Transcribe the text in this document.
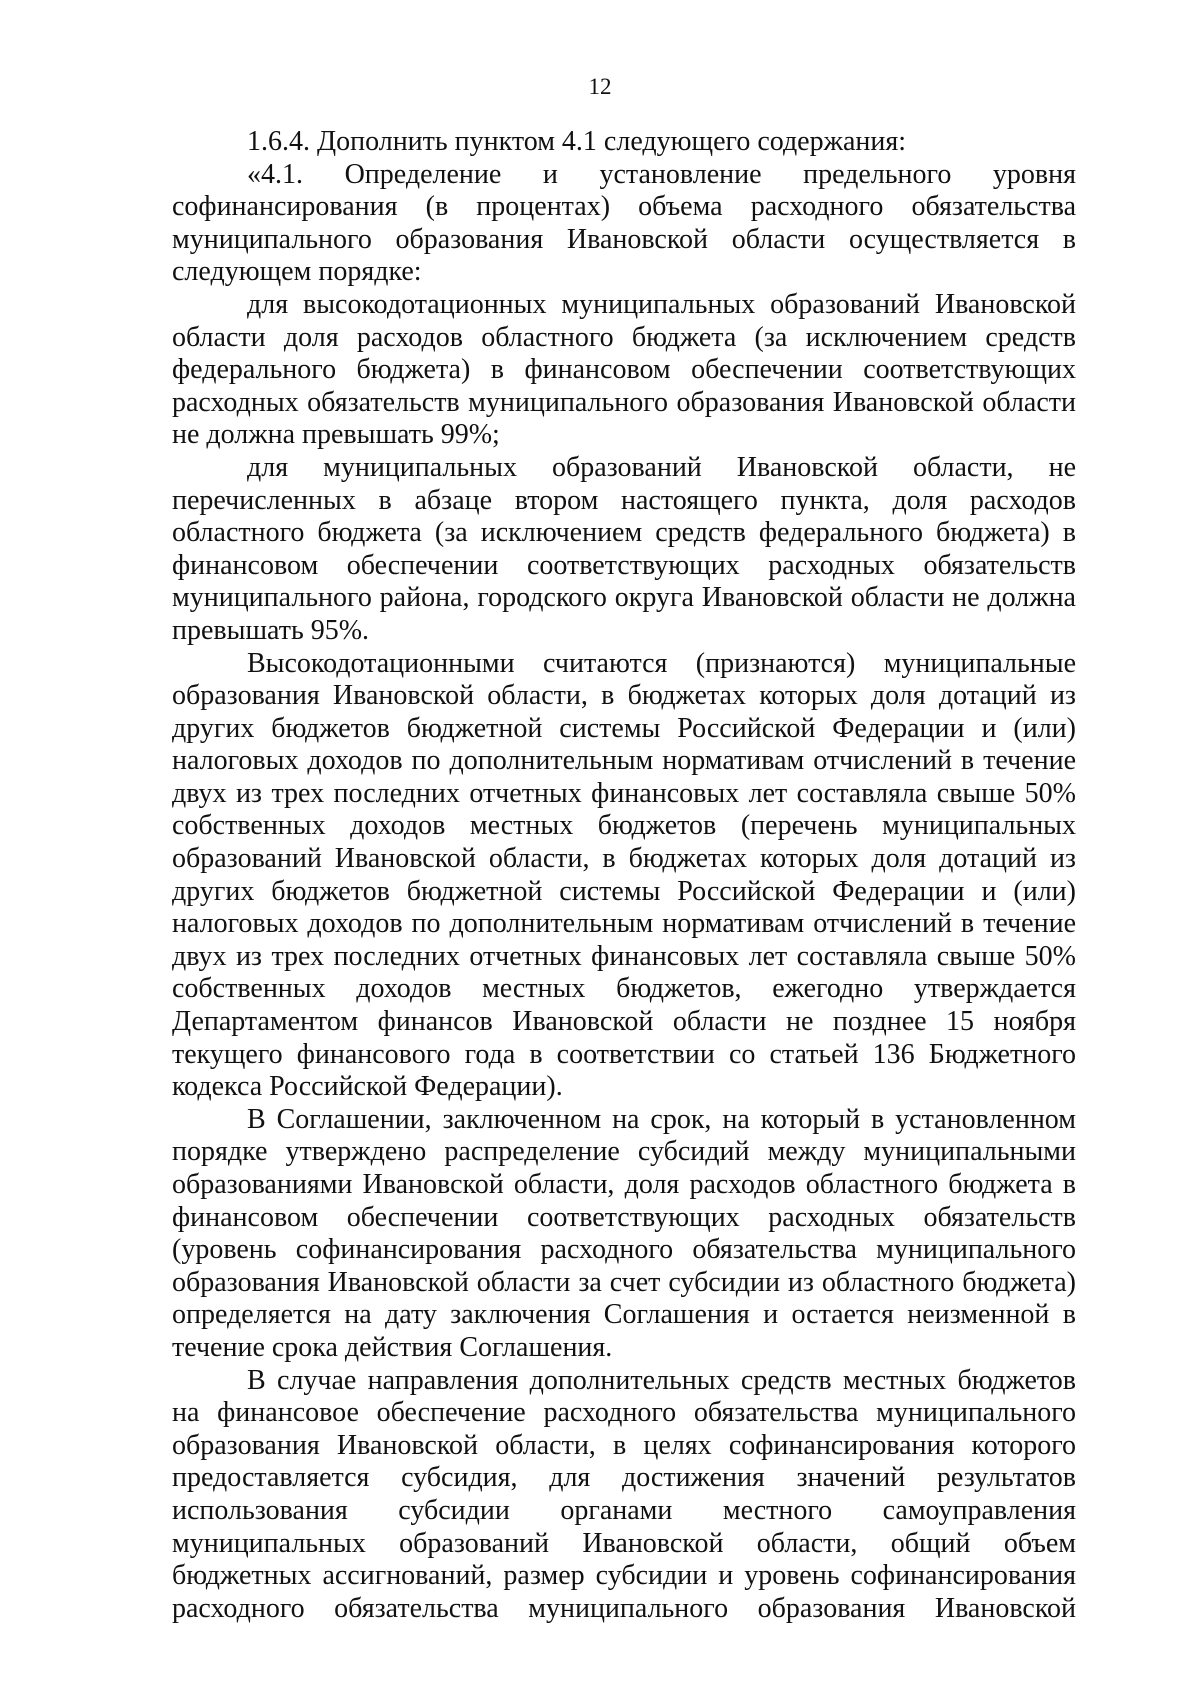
12

1.6.4. Дополнить пунктом 4.1 следующего содержания:

«4.1. Определение и установление предельного уровня софинансирования (в процентах) объема расходного обязательства муниципального образования Ивановской области осуществляется в следующем порядке:

для высокодотационных муниципальных образований Ивановской области доля расходов областного бюджета (за исключением средств федерального бюджета) в финансовом обеспечении соответствующих расходных обязательств муниципального образования Ивановской области не должна превышать 99%;

для муниципальных образований Ивановской области, не перечисленных в абзаце втором настоящего пункта, доля расходов областного бюджета (за исключением средств федерального бюджета) в финансовом обеспечении соответствующих расходных обязательств муниципального района, городского округа Ивановской области не должна превышать 95%.

Высокодотационными считаются (признаются) муниципальные образования Ивановской области, в бюджетах которых доля дотаций из других бюджетов бюджетной системы Российской Федерации и (или) налоговых доходов по дополнительным нормативам отчислений в течение двух из трех последних отчетных финансовых лет составляла свыше 50% собственных доходов местных бюджетов (перечень муниципальных образований Ивановской области, в бюджетах которых доля дотаций из других бюджетов бюджетной системы Российской Федерации и (или) налоговых доходов по дополнительным нормативам отчислений в течение двух из трех последних отчетных финансовых лет составляла свыше 50% собственных доходов местных бюджетов, ежегодно утверждается Департаментом финансов Ивановской области не позднее 15 ноября текущего финансового года в соответствии со статьей 136 Бюджетного кодекса Российской Федерации).

В Соглашении, заключенном на срок, на который в установленном порядке утверждено распределение субсидий между муниципальными образованиями Ивановской области, доля расходов областного бюджета в финансовом обеспечении соответствующих расходных обязательств (уровень софинансирования расходного обязательства муниципального образования Ивановской области за счет субсидии из областного бюджета) определяется на дату заключения Соглашения и остается неизменной в течение срока действия Соглашения.

В случае направления дополнительных средств местных бюджетов на финансовое обеспечение расходного обязательства муниципального образования Ивановской области, в целях софинансирования которого предоставляется субсидия, для достижения значений результатов использования субсидии органами местного самоуправления муниципальных образований Ивановской области, общий объем бюджетных ассигнований, размер субсидии и уровень софинансирования расходного обязательства муниципального образования Ивановской
